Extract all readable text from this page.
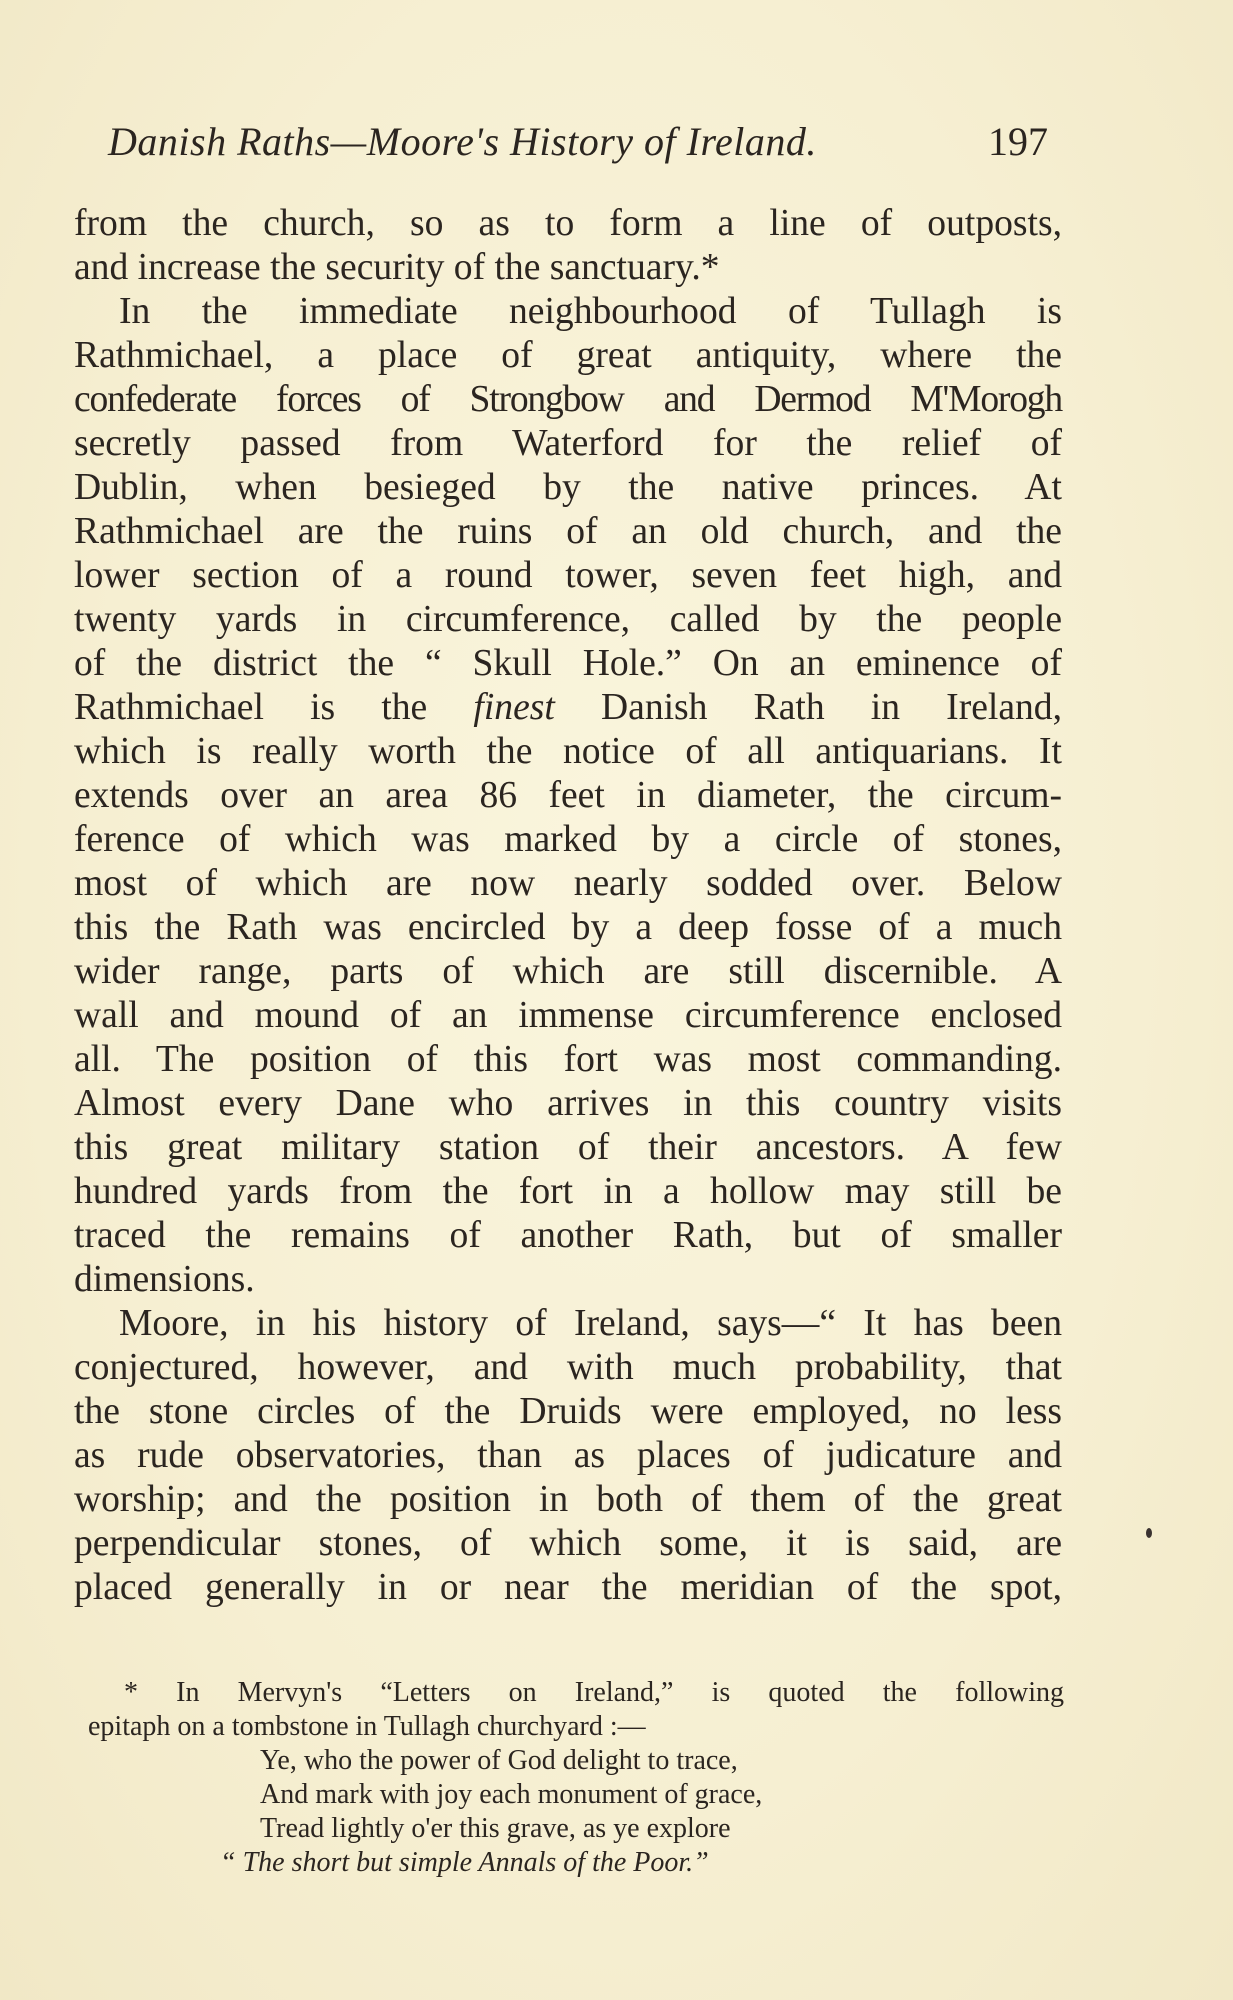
Danish Raths—Moore's History of Ireland.	197
from the church, so as to form a line of outposts,
and increase the security of the sanctuary.*
In the immediate neighbourhood of Tullagh is
Rathmichael, a place of great antiquity, where the
confederate forces of Strongbow and Dermod M'Morogh
secretly passed from Waterford for the relief of
Dublin, when besieged by the native princes. At
Rathmichael are the ruins of an old church, and the
lower section of a round tower, seven feet high, and
twenty yards in circumference, called by the people
of the district the “ Skull Hole.” On an eminence of
Rathmichael is the finest Danish Rath in Ireland,
which is really worth the notice of all antiquarians. It
extends over an area 86 feet in diameter, the circum-
ference of which was marked by a circle of stones,
most of which are now nearly sodded over. Below
this the Rath was encircled by a deep fosse of a much
wider range, parts of which are still discernible. A
wall and mound of an immense circumference enclosed
all. The position of this fort was most commanding.
Almost every Dane who arrives in this country visits
this great military station of their ancestors. A few
hundred yards from the fort in a hollow may still be
traced the remains of another Rath, but of smaller
dimensions.
Moore, in his history of Ireland, says—“ It has been
conjectured, however, and with much probability, that
the stone circles of the Druids were employed, no less
as rude observatories, than as places of judicature and
worship; and the position in both of them of the great
perpendicular stones, of which some, it is said, are
placed generally in or near the meridian of the spot,
* In Mervyn's “Letters on Ireland,” is quoted the following
epitaph on a tombstone in Tullagh churchyard :—
Ye, who the power of God delight to trace,
And mark with joy each monument of grace,
Tread lightly o'er this grave, as ye explore
“ The short but simple Annals of the Poor.”
